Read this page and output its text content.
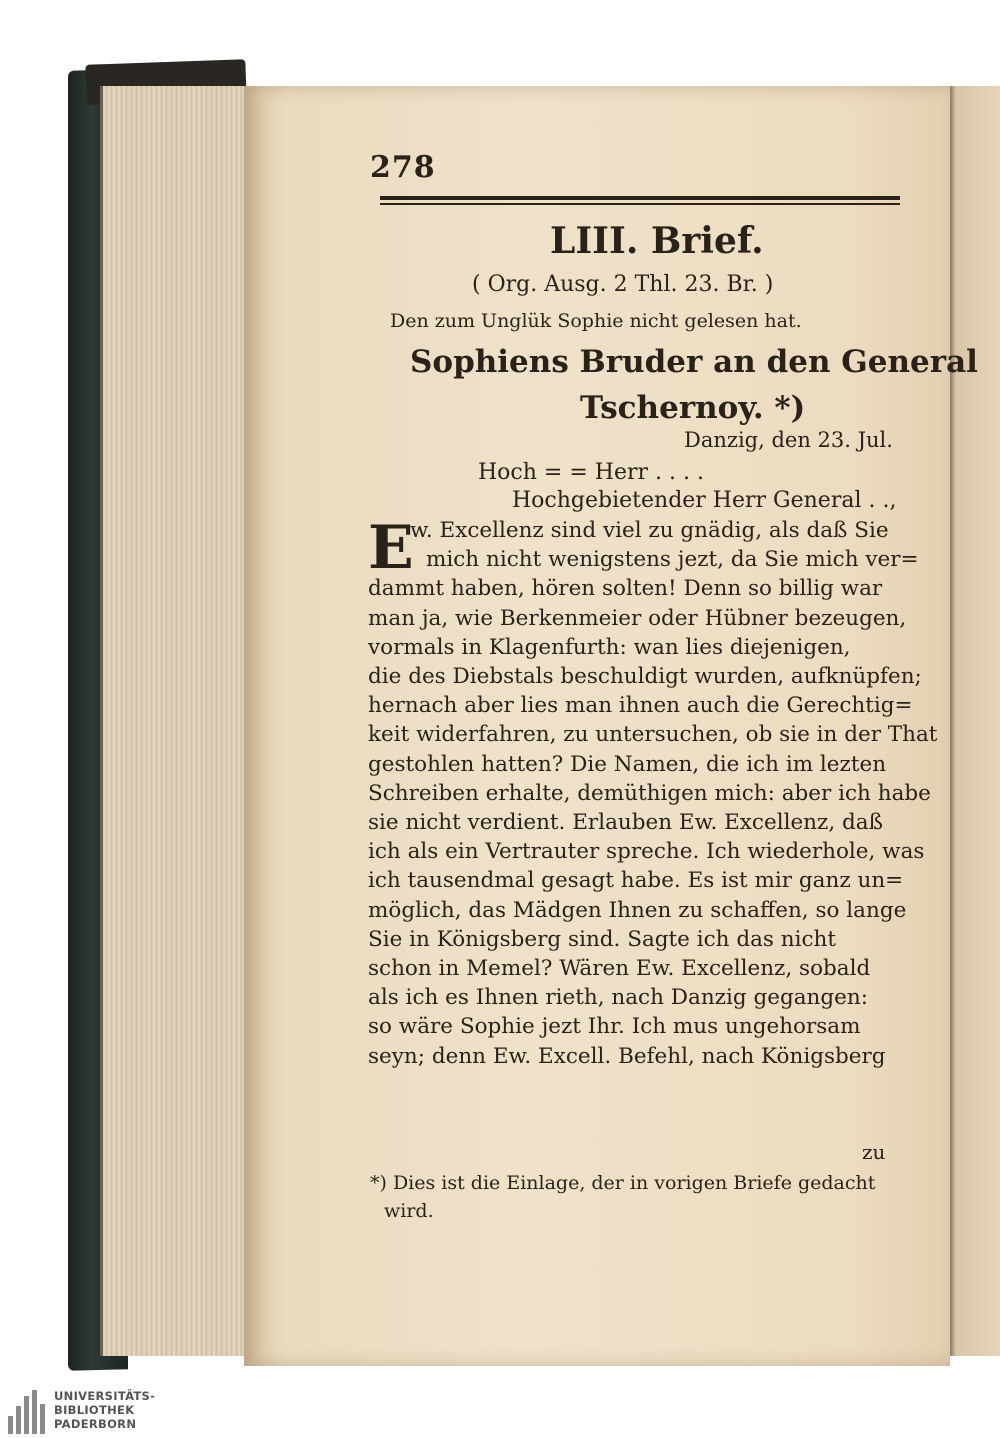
278
LIII. Brief.
( Org. Ausg. 2 Thl. 23. Br. )
Den zum Unglük Sophie nicht gelesen hat.
Sophiens Bruder an den General
Tschernoy. *)
Danzig, den 23. Jul.
Hoch = = Herr . . . .
Hochgebietender Herr General . .,
E
w. Excellenz sind viel zu gnädig, als daß Sie
mich nicht wenigstens jezt, da Sie mich ver=
dammt haben, hören solten! Denn so billig war
man ja, wie Berkenmeier oder Hübner bezeugen,
vormals in Klagenfurth: wan lies diejenigen,
die des Diebstals beschuldigt wurden, aufknüpfen;
hernach aber lies man ihnen auch die Gerechtig=
keit widerfahren, zu untersuchen, ob sie in der That
gestohlen hatten? Die Namen, die ich im lezten
Schreiben erhalte, demüthigen mich: aber ich habe
sie nicht verdient. Erlauben Ew. Excellenz, daß
ich als ein Vertrauter spreche. Ich wiederhole, was
ich tausendmal gesagt habe. Es ist mir ganz un=
möglich, das Mädgen Ihnen zu schaffen, so lange
Sie in Königsberg sind. Sagte ich das nicht
schon in Memel? Wären Ew. Excellenz, sobald
als ich es Ihnen rieth, nach Danzig gegangen:
so wäre Sophie jezt Ihr. Ich mus ungehorsam
seyn; denn Ew. Excell. Befehl, nach Königsberg
zu
*) Dies ist die Einlage, der in vorigen Briefe gedacht
wird.
UNIVERSITÄTS-
BIBLIOTHEK
PADERBORN
